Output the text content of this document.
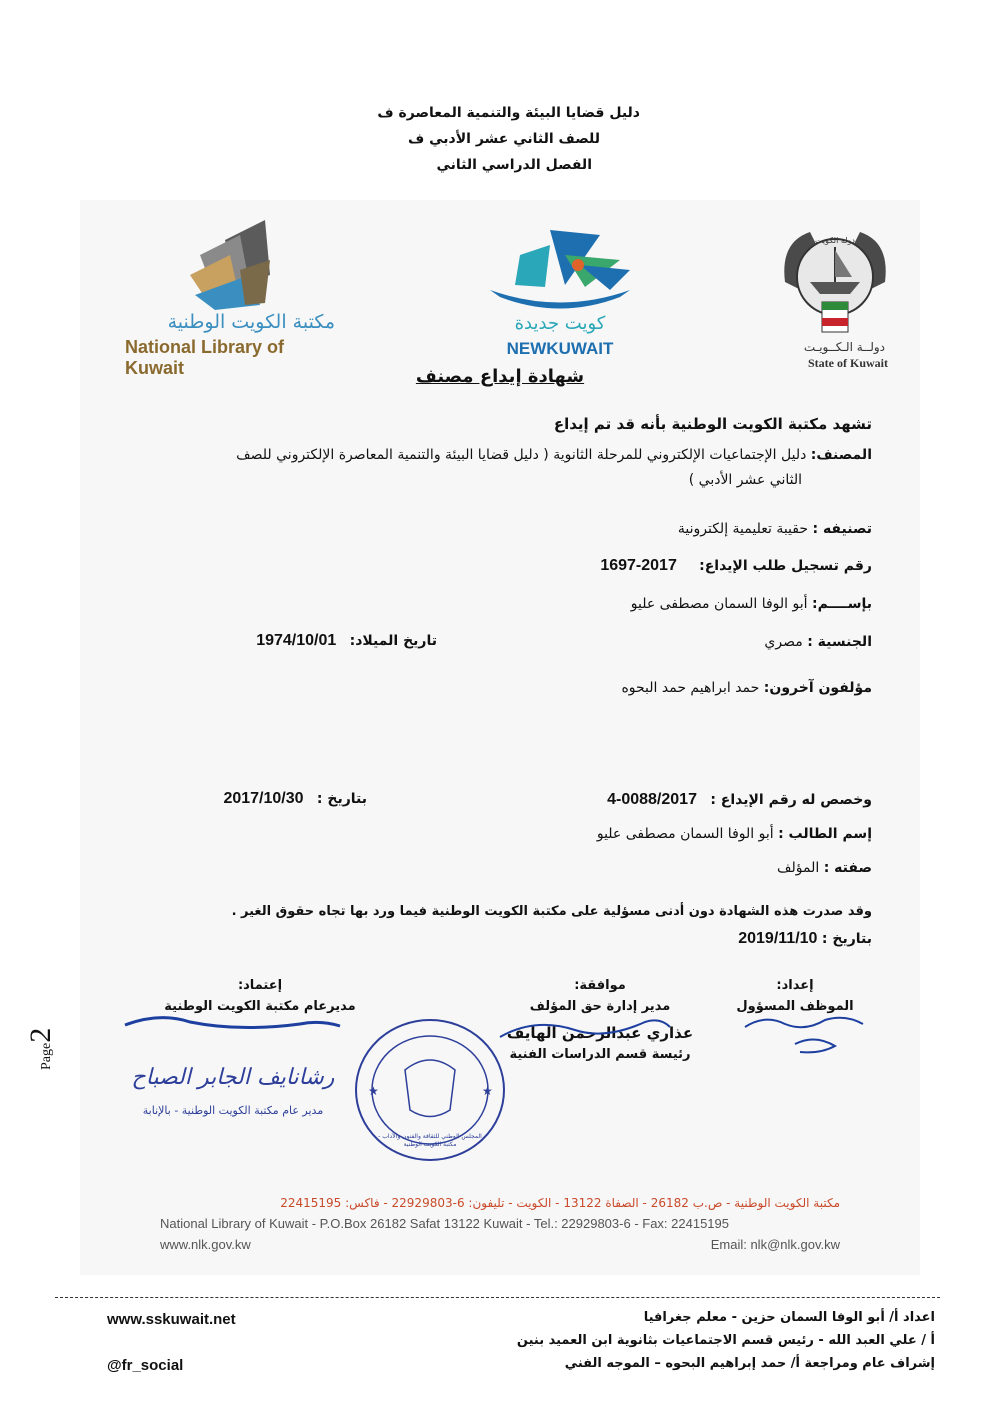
دليل قضايا البيئة والتنمية المعاصرة ف
للصف الثاني عشر الأدبي ف
الفصل الدراسي الثاني
مكتبة الكويت الوطنية
National Library of Kuwait
كويت جديدة
NEWKUWAIT
دولة الكويت
دولــة الـكــويـت
State of Kuwait
شهادة إيداع مصنف
تشهد مكتبة الكويت الوطنية بأنه قد تم إيداع
المصنف: دليل الإجتماعيات الإلكتروني للمرحلة الثانوية ( دليل قضايا البيئة والتنمية المعاصرة الإلكتروني للصف
الثاني عشر الأدبي )
تصنيفه : حقيبة تعليمية إلكترونية
رقم تسجيل طلب الإيداع:     1697-2017
بإســــم: أبو الوفا السمان مصطفى عليو
الجنسية : مصري
تاريخ الميلاد:   1974/10/01
مؤلفون آخرون: حمد ابراهيم حمد البحوه
وخصص له رقم الإيداع :   4-0088/2017
بتاريخ :   2017/10/30
إسم الطالب : أبو الوفا السمان مصطفى عليو
صفته : المؤلف
وقد صدرت هذه الشهادة دون أدنى مسؤلية على مكتبة الكويت الوطنية فيما ورد بها تجاه حقوق الغير .
بتاريخ : 2019/11/10
إعداد:
الموظف المسؤول
موافقة:
مدير إدارة حق المؤلف
عذاري عبدالرحمن الهايف
رئيسة قسم الدراسات الفنية
إعتماد:
مديرعام مكتبة الكويت الوطنية
رشانايف الجابر الصباح
مدير عام مكتبة الكويت الوطنية - بالإنابة
★	★
المجلس الوطني للثقافة والفنون والآداب - مكتبة الكويت الوطنية
مكتبة الكويت الوطنية - ص.ب 26182 - الصفاة 13122 - الكويت - تليفون: 6-22929803 - فاكس: 22415195
National Library of Kuwait - P.O.Box 26182 Safat 13122 Kuwait - Tel.: 22929803-6 - Fax: 22415195
www.nlk.gov.kw	Email: nlk@nlk.gov.kw
Page2
www.sskuwait.net
@fr_social
اعداد أ/ أبو الوفا السمان حزين - معلم جغرافيا
أ / علي العبد الله - رئيس قسم الاجتماعيات بثانوية ابن العميد بنين
إشراف عام ومراجعة أ/ حمد إبراهيم البحوه – الموجه الفني
